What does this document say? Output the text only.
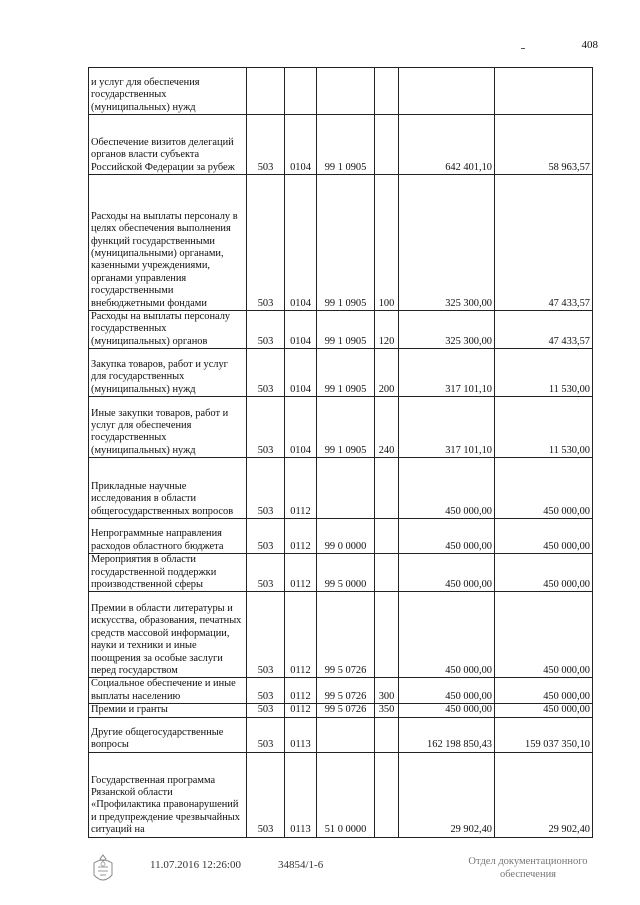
408
и услуг для обеспечения государственных (муниципальных) нужд						
Обеспечение визитов делегаций органов власти субъекта Российской Федерации за рубеж	503	0104	99 1 0905		642 401,10	58 963,57
Расходы на выплаты персоналу в целях обеспечения выполнения функций государственными (муниципальными) органами, казенными учреждениями, органами управления государственными внебюджетными фондами	503	0104	99 1 0905	100	325 300,00	47 433,57
Расходы на выплаты персоналу государственных (муниципальных) органов	503	0104	99 1 0905	120	325 300,00	47 433,57
Закупка товаров, работ и услуг для государственных (муниципальных) нужд	503	0104	99 1 0905	200	317 101,10	11 530,00
Иные закупки товаров, работ и услуг для обеспечения государственных (муниципальных) нужд	503	0104	99 1 0905	240	317 101,10	11 530,00
Прикладные научные исследования в области общегосударственных вопросов	503	0112			450 000,00	450 000,00
Непрограммные направления расходов областного бюджета	503	0112	99 0 0000		450 000,00	450 000,00
Мероприятия в области государственной поддержки производственной сферы	503	0112	99 5 0000		450 000,00	450 000,00
Премии в области литературы и искусства, образования, печатных средств массовой информации, науки и техники и иные поощрения за особые заслуги перед государством	503	0112	99 5 0726		450 000,00	450 000,00
Социальное обеспечение и иные выплаты населению	503	0112	99 5 0726	300	450 000,00	450 000,00
Премии и гранты	503	0112	99 5 0726	350	450 000,00	450 000,00
Другие общегосударственные вопросы	503	0113			162 198 850,43	159 037 350,10
Государственная программа Рязанской области «Профилактика правонарушений и предупреждение чрезвычайных ситуаций на	503	0113	51 0 0000		29 902,40	29 902,40
11.07.2016 12:26:00	34854/1-6	Отдел документационного
обеспечения
